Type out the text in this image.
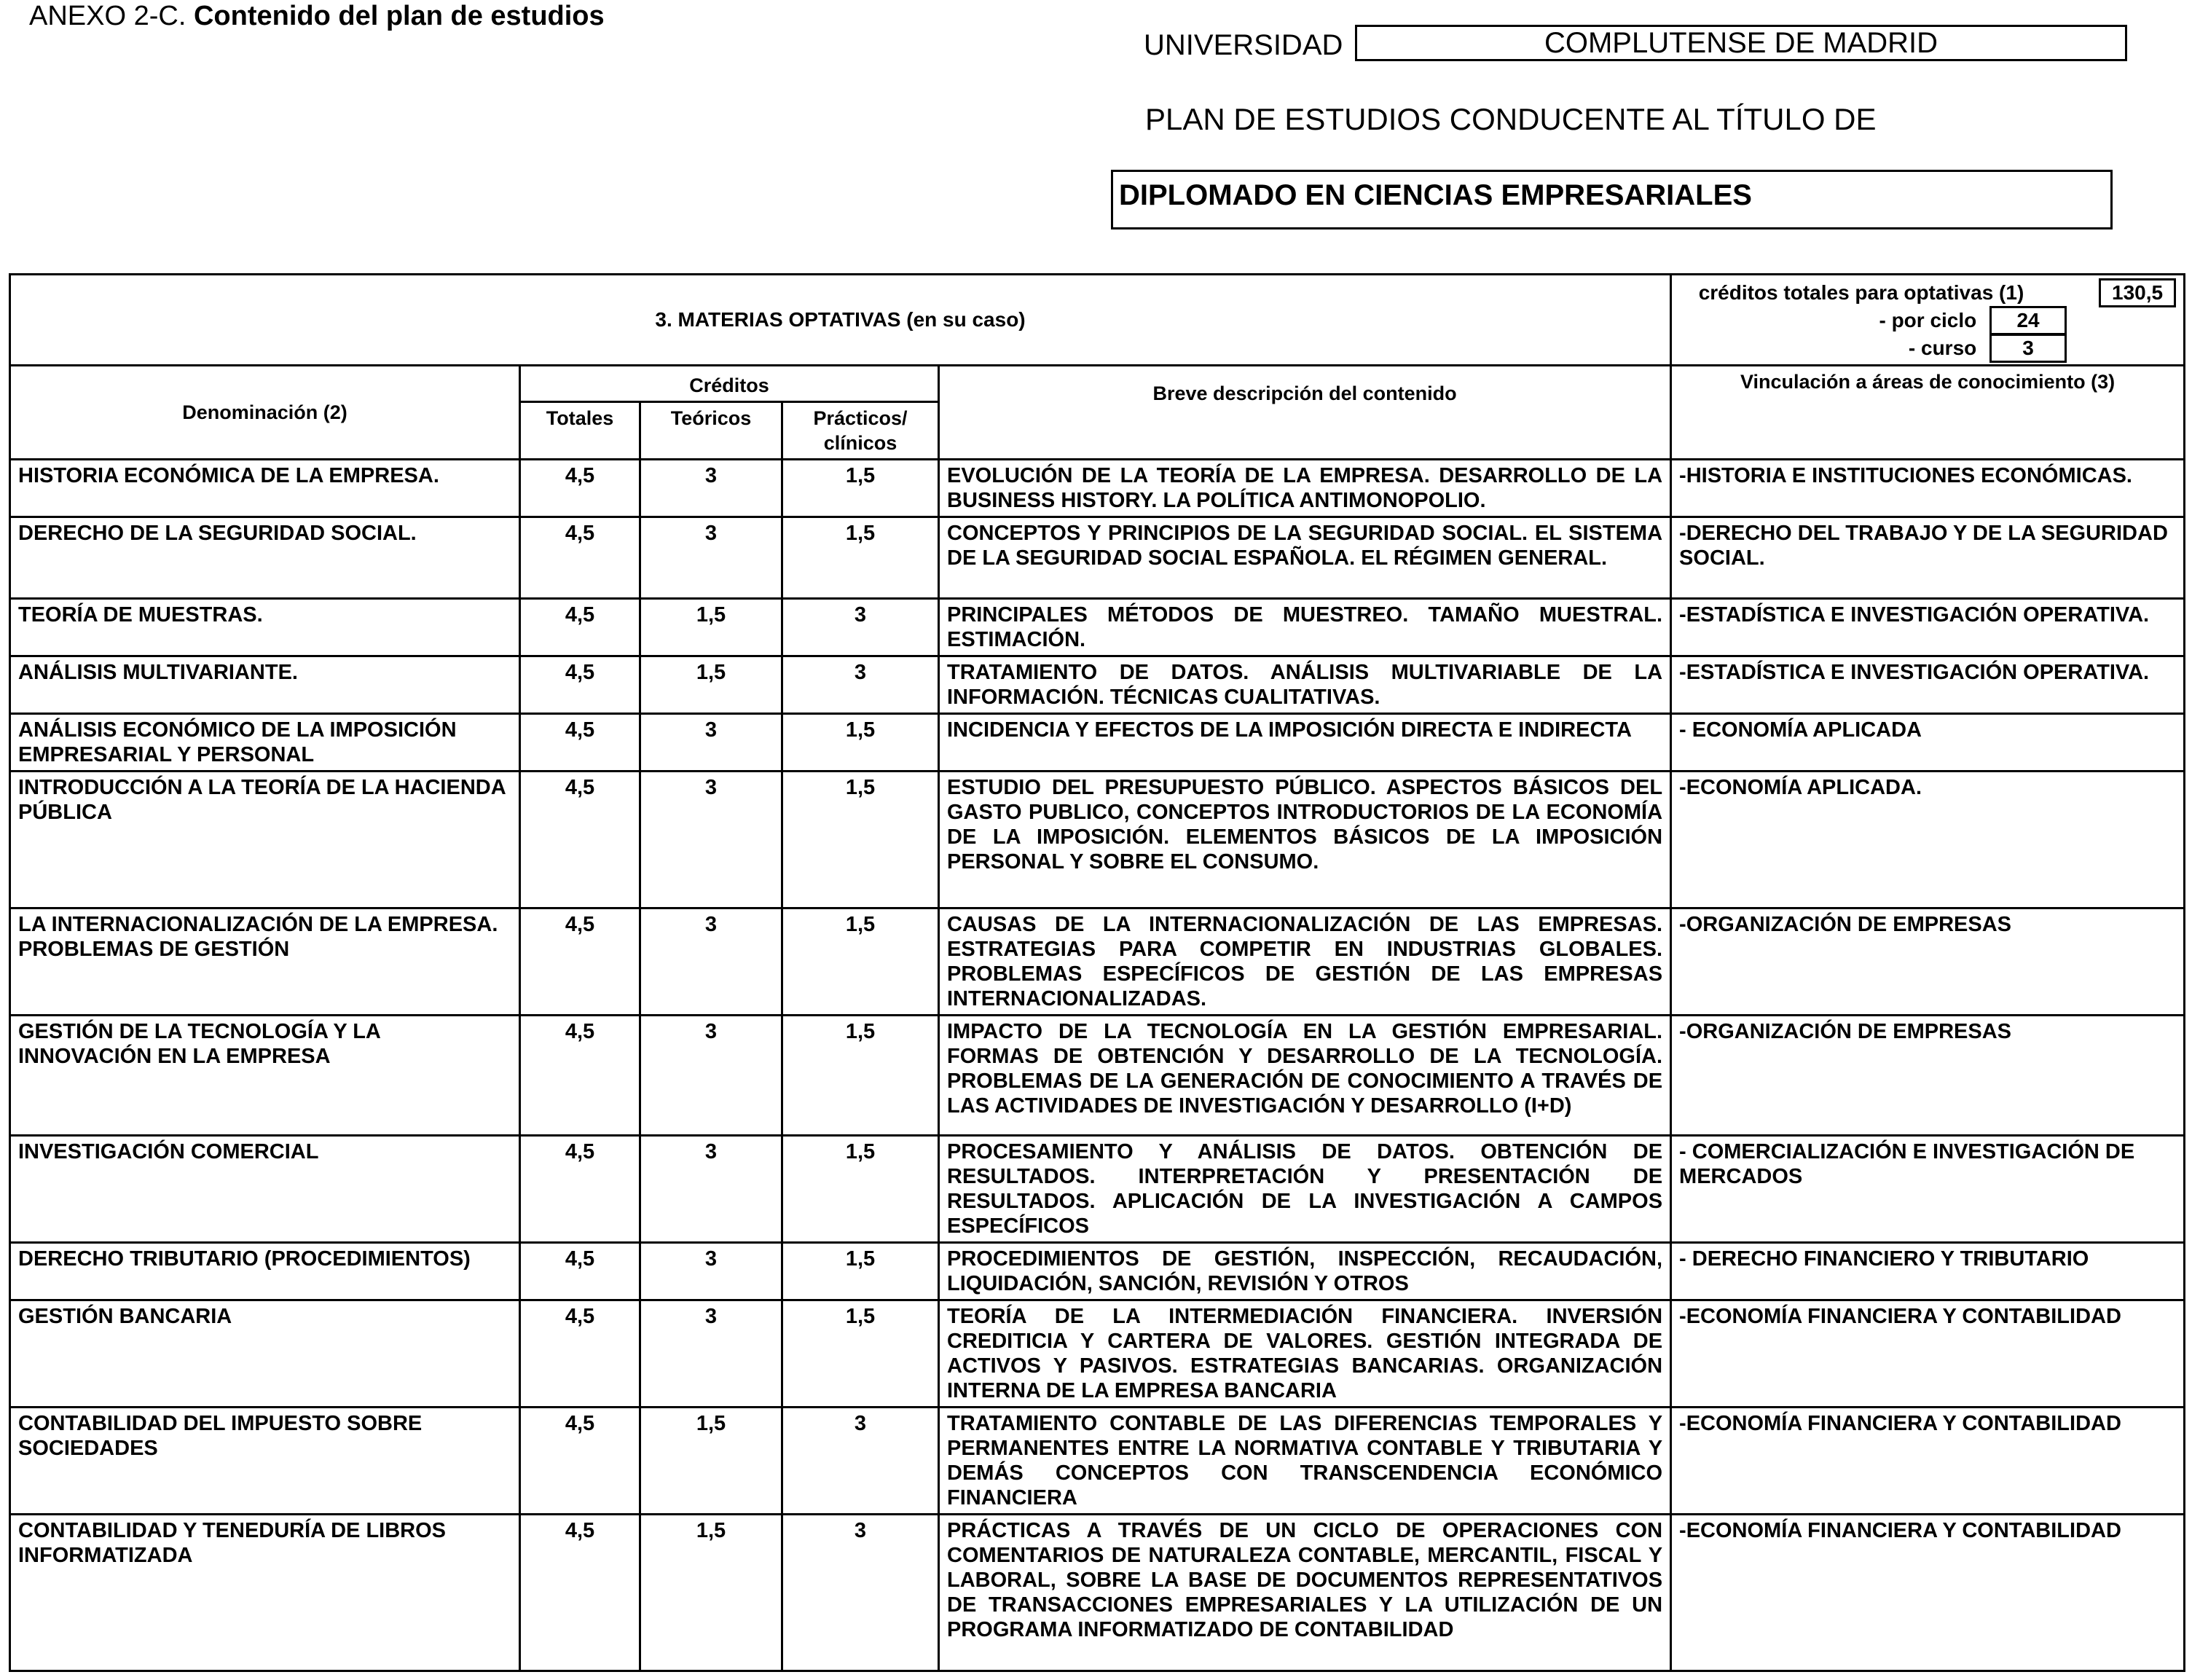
ANEXO 2-C. Contenido del plan de estudios
UNIVERSIDAD	COMPLUTENSE DE MADRID
PLAN DE ESTUDIOS CONDUCENTE AL TÍTULO DE
DIPLOMADO EN CIENCIAS EMPRESARIALES
3. MATERIAS OPTATIVAS (en su caso)					créditos totales para optativas (1) 130,5
- por ciclo 24
- curso 3

Denominación (2)	Créditos			Breve descripción del contenido	Vinculación a áreas de conocimiento (3)
	Totales	Teóricos	Prácticos/ clínicos		
HISTORIA ECONÓMICA DE LA EMPRESA.	4,5	3	1,5	EVOLUCIÓN DE LA TEORÍA DE LA EMPRESA. DESARROLLO DE LA BUSINESS HISTORY. LA POLÍTICA ANTIMONOPOLIO.	-HISTORIA E INSTITUCIONES ECONÓMICAS.
DERECHO DE LA SEGURIDAD SOCIAL.	4,5	3	1,5	CONCEPTOS Y PRINCIPIOS DE LA SEGURIDAD SOCIAL. EL SISTEMA DE LA SEGURIDAD SOCIAL ESPAÑOLA. EL RÉGIMEN GENERAL.	-DERECHO DEL TRABAJO Y DE LA SEGURIDAD SOCIAL.
TEORÍA DE MUESTRAS.	4,5	1,5	3	PRINCIPALES MÉTODOS DE MUESTREO. TAMAÑO MUESTRAL. ESTIMACIÓN.	-ESTADÍSTICA E INVESTIGACIÓN OPERATIVA.
ANÁLISIS MULTIVARIANTE.	4,5	1,5	3	TRATAMIENTO DE DATOS. ANÁLISIS MULTIVARIABLE DE LA INFORMACIÓN. TÉCNICAS CUALITATIVAS.	-ESTADÍSTICA E INVESTIGACIÓN OPERATIVA.
ANÁLISIS ECONÓMICO DE LA IMPOSICIÓN EMPRESARIAL Y PERSONAL	4,5	3	1,5	INCIDENCIA Y EFECTOS DE LA IMPOSICIÓN DIRECTA E INDIRECTA	- ECONOMÍA APLICADA
INTRODUCCIÓN A LA TEORÍA DE LA HACIENDA PÚBLICA	4,5	3	1,5	ESTUDIO DEL PRESUPUESTO PÚBLICO. ASPECTOS BÁSICOS DEL GASTO PUBLICO, CONCEPTOS INTRODUCTORIOS DE LA ECONOMÍA DE LA IMPOSICIÓN. ELEMENTOS BÁSICOS DE LA IMPOSICIÓN PERSONAL Y SOBRE EL CONSUMO.	-ECONOMÍA APLICADA.
LA INTERNACIONALIZACIÓN DE LA EMPRESA. PROBLEMAS DE GESTIÓN	4,5	3	1,5	CAUSAS DE LA INTERNACIONALIZACIÓN DE LAS EMPRESAS. ESTRATEGIAS PARA COMPETIR EN INDUSTRIAS GLOBALES. PROBLEMAS ESPECÍFICOS DE GESTIÓN DE LAS EMPRESAS INTERNACIONALIZADAS.	-ORGANIZACIÓN DE EMPRESAS
GESTIÓN DE LA TECNOLOGÍA Y LA INNOVACIÓN EN LA EMPRESA	4,5	3	1,5	IMPACTO DE LA TECNOLOGÍA EN LA GESTIÓN EMPRESARIAL. FORMAS DE OBTENCIÓN Y DESARROLLO DE LA TECNOLOGÍA. PROBLEMAS DE LA GENERACIÓN DE CONOCIMIENTO A TRAVÉS DE LAS ACTIVIDADES DE INVESTIGACIÓN Y DESARROLLO (I+D)	-ORGANIZACIÓN DE EMPRESAS
INVESTIGACIÓN COMERCIAL	4,5	3	1,5	PROCESAMIENTO Y ANÁLISIS DE DATOS. OBTENCIÓN DE RESULTADOS. INTERPRETACIÓN Y PRESENTACIÓN DE RESULTADOS. APLICACIÓN DE LA INVESTIGACIÓN A CAMPOS ESPECÍFICOS	- COMERCIALIZACIÓN E INVESTIGACIÓN DE MERCADOS
DERECHO TRIBUTARIO (PROCEDIMIENTOS)	4,5	3	1,5	PROCEDIMIENTOS DE GESTIÓN, INSPECCIÓN, RECAUDACIÓN, LIQUIDACIÓN, SANCIÓN, REVISIÓN Y OTROS	- DERECHO FINANCIERO Y TRIBUTARIO
GESTIÓN BANCARIA	4,5	3	1,5	TEORÍA DE LA INTERMEDIACIÓN FINANCIERA. INVERSIÓN CREDITICIA Y CARTERA DE VALORES. GESTIÓN INTEGRADA DE ACTIVOS Y PASIVOS. ESTRATEGIAS BANCARIAS. ORGANIZACIÓN INTERNA DE LA EMPRESA BANCARIA	-ECONOMÍA FINANCIERA Y CONTABILIDAD
CONTABILIDAD DEL IMPUESTO SOBRE SOCIEDADES	4,5	1,5	3	TRATAMIENTO CONTABLE DE LAS DIFERENCIAS TEMPORALES Y PERMANENTES ENTRE LA NORMATIVA CONTABLE Y TRIBUTARIA Y DEMÁS CONCEPTOS CON TRANSCENDENCIA ECONÓMICO FINANCIERA	-ECONOMÍA FINANCIERA Y CONTABILIDAD
CONTABILIDAD Y TENEDURÍA DE LIBROS INFORMATIZADA	4,5	1,5	3	PRÁCTICAS A TRAVÉS DE UN CICLO DE OPERACIONES CON COMENTARIOS DE NATURALEZA CONTABLE, MERCANTIL, FISCAL Y LABORAL, SOBRE LA BASE DE DOCUMENTOS REPRESENTATIVOS DE TRANSACCIONES EMPRESARIALES Y LA UTILIZACIÓN DE UN PROGRAMA INFORMATIZADO DE CONTABILIDAD	-ECONOMÍA FINANCIERA Y CONTABILIDAD
